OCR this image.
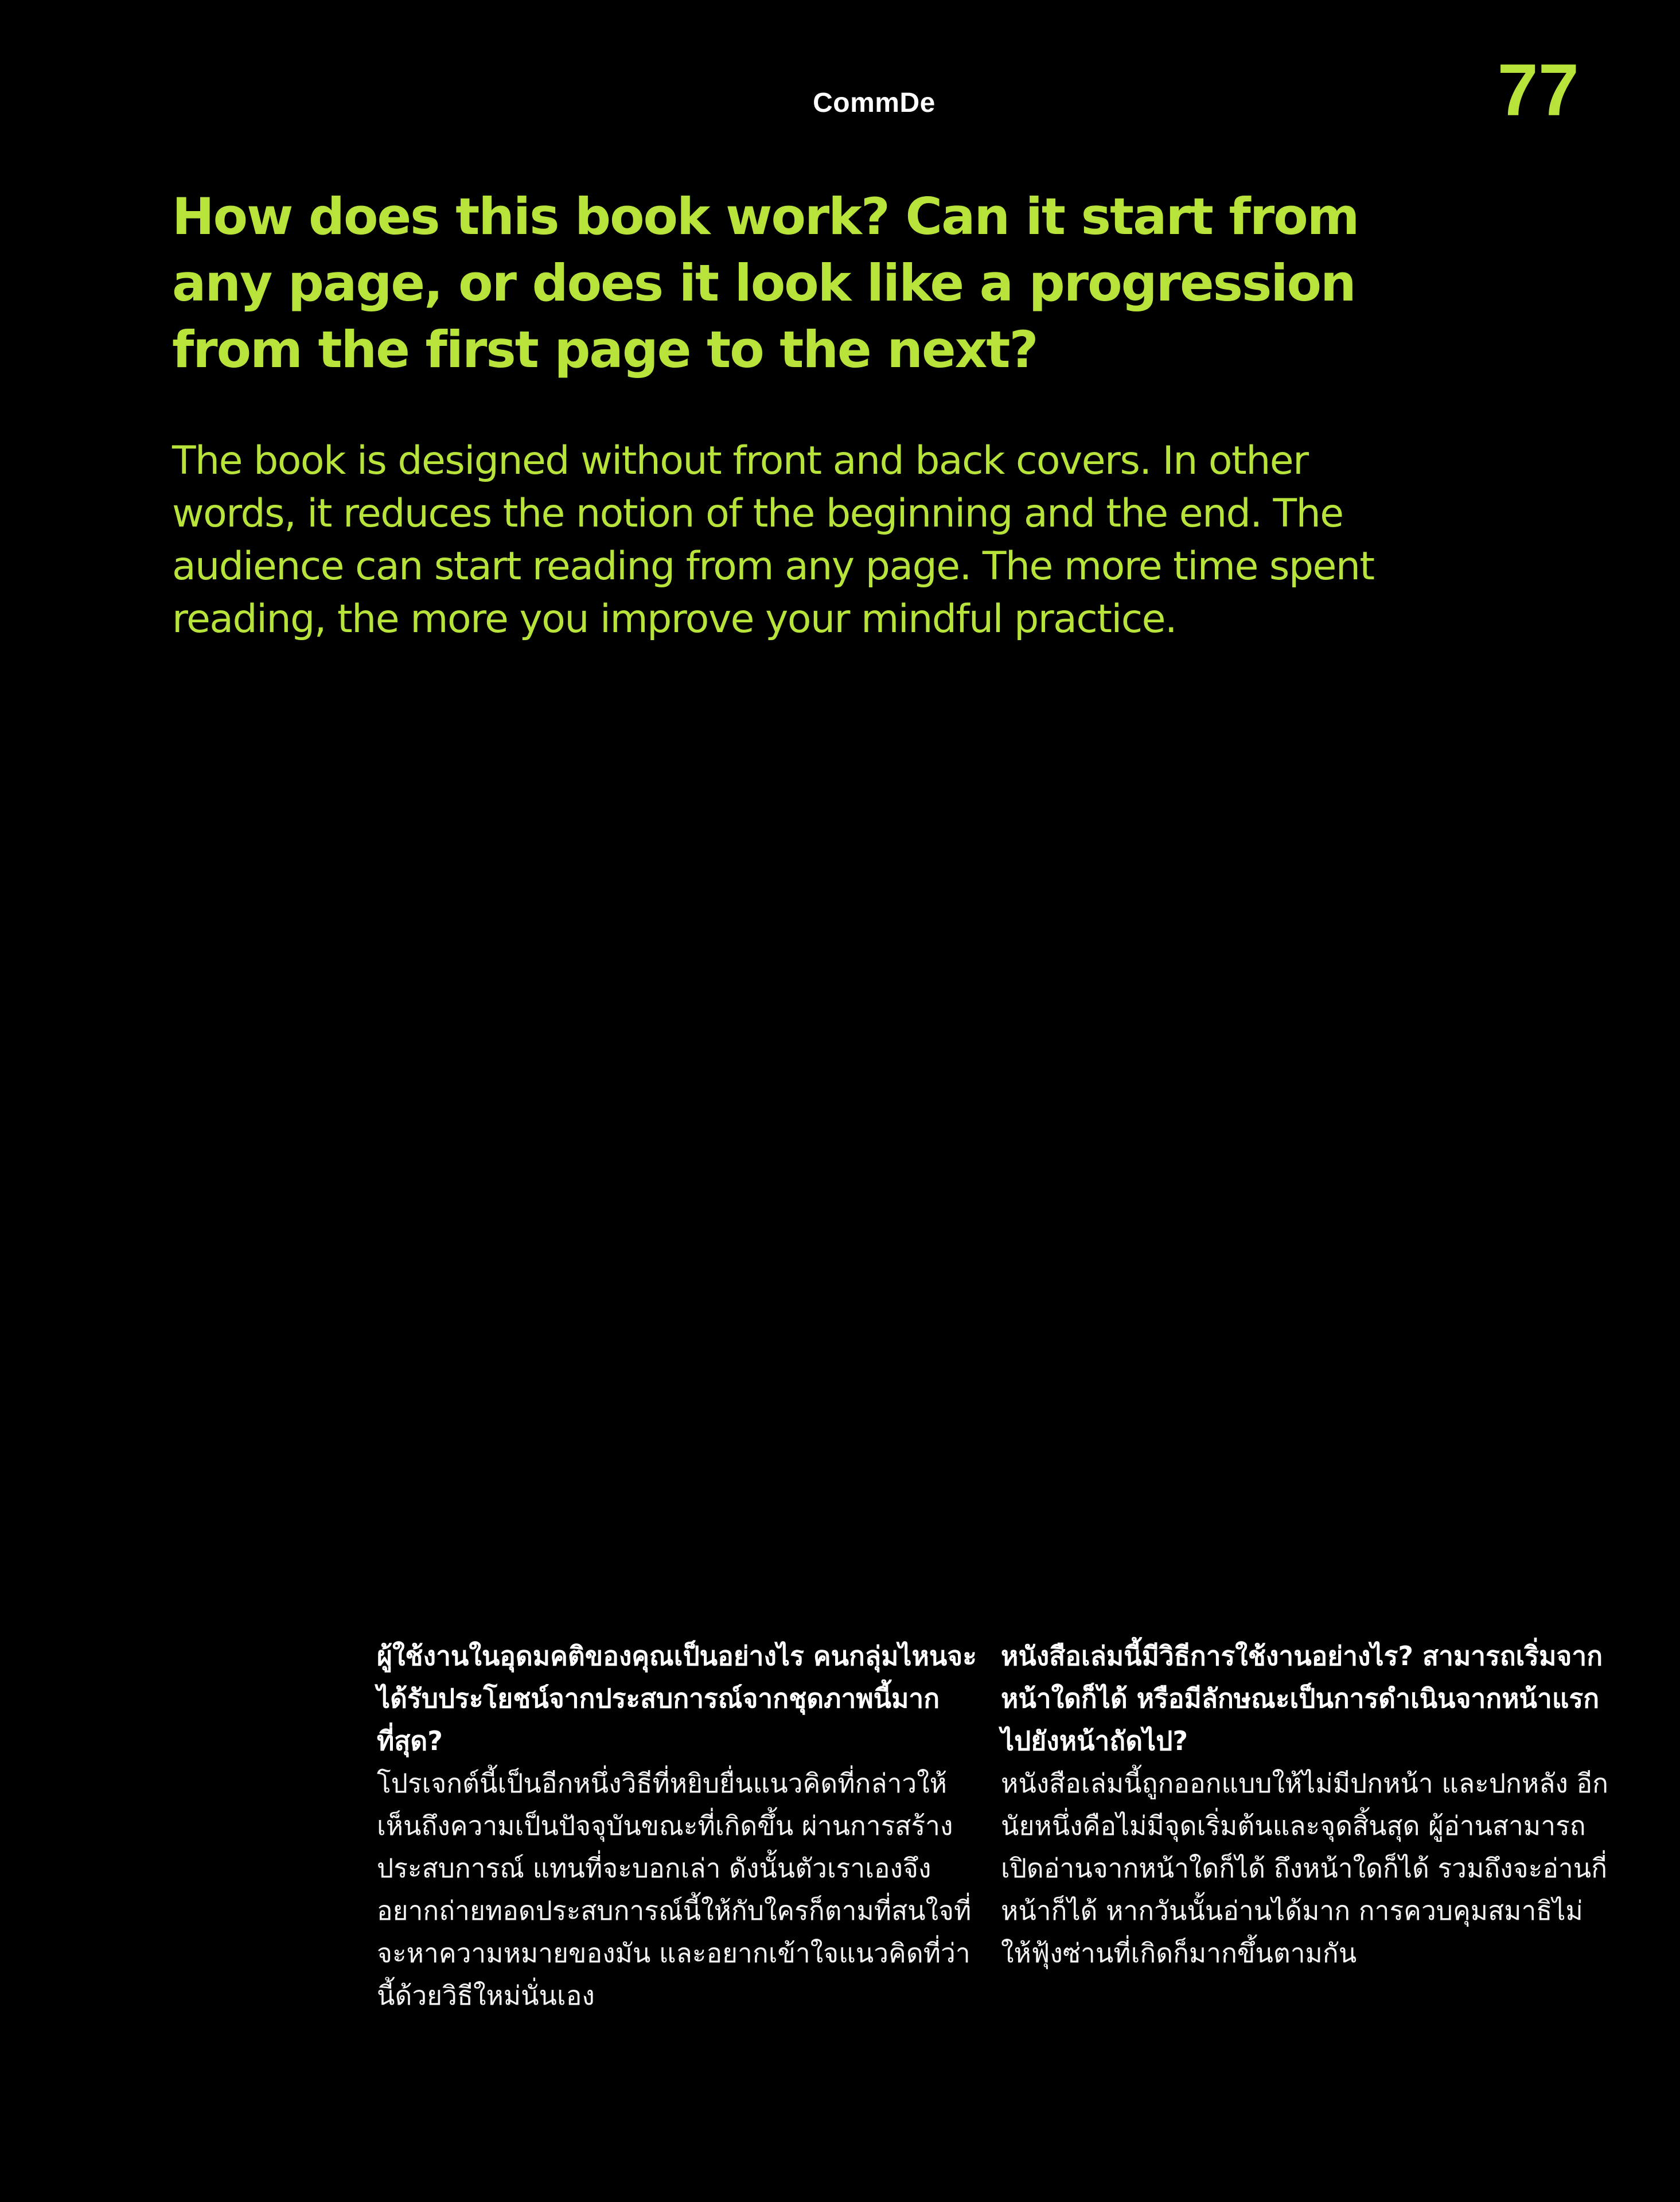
CommDe	77
How does this book work? Can it start from any page, or does it look like a progression from the first page to the next?

The book is designed without front and back covers. In other words, it reduces the notion of the beginning and the end. The audience can start reading from any page. The more time spent reading, the more you improve your mindful practice.

ผู้ใช้งานในอุดมคติของคุณเป็นอย่างไร คนกลุ่มไหนจะได้รับประโยชน์จากประสบการณ์จากชุดภาพนี้มากที่สุด?

โปรเจกต์นี้เป็นอีกหนึ่งวิธีที่หยิบยื่นแนวคิดที่กล่าวให้เห็นถึงความเป็นปัจจุบันขณะที่เกิดขึ้น ผ่านการสร้างประสบการณ์ แทนที่จะบอกเล่า ดังนั้นตัวเราเองจึงอยากถ่ายทอดประสบการณ์นี้ให้กับใครก็ตามที่สนใจที่จะหาความหมายของมัน และอยากเข้าใจแนวคิดที่ว่านี้ด้วยวิธีใหม่นั่นเอง

หนังสือเล่มนี้มีวิธีการใช้งานอย่างไร? สามารถเริ่มจากหน้าใดก็ได้ หรือมีลักษณะเป็นการดำเนินจากหน้าแรกไปยังหน้าถัดไป?

หนังสือเล่มนี้ถูกออกแบบให้ไม่มีปกหน้า และปกหลัง อีกนัยหนึ่งคือไม่มีจุดเริ่มต้นและจุดสิ้นสุด ผู้อ่านสามารถเปิดอ่านจากหน้าใดก็ได้ ถึงหน้าใดก็ได้ รวมถึงจะอ่านกี่หน้าก็ได้ หากวันนั้นอ่านได้มาก การควบคุมสมาธิไม่ให้ฟุ้งซ่านที่เกิดก็มากขึ้นตามกัน
